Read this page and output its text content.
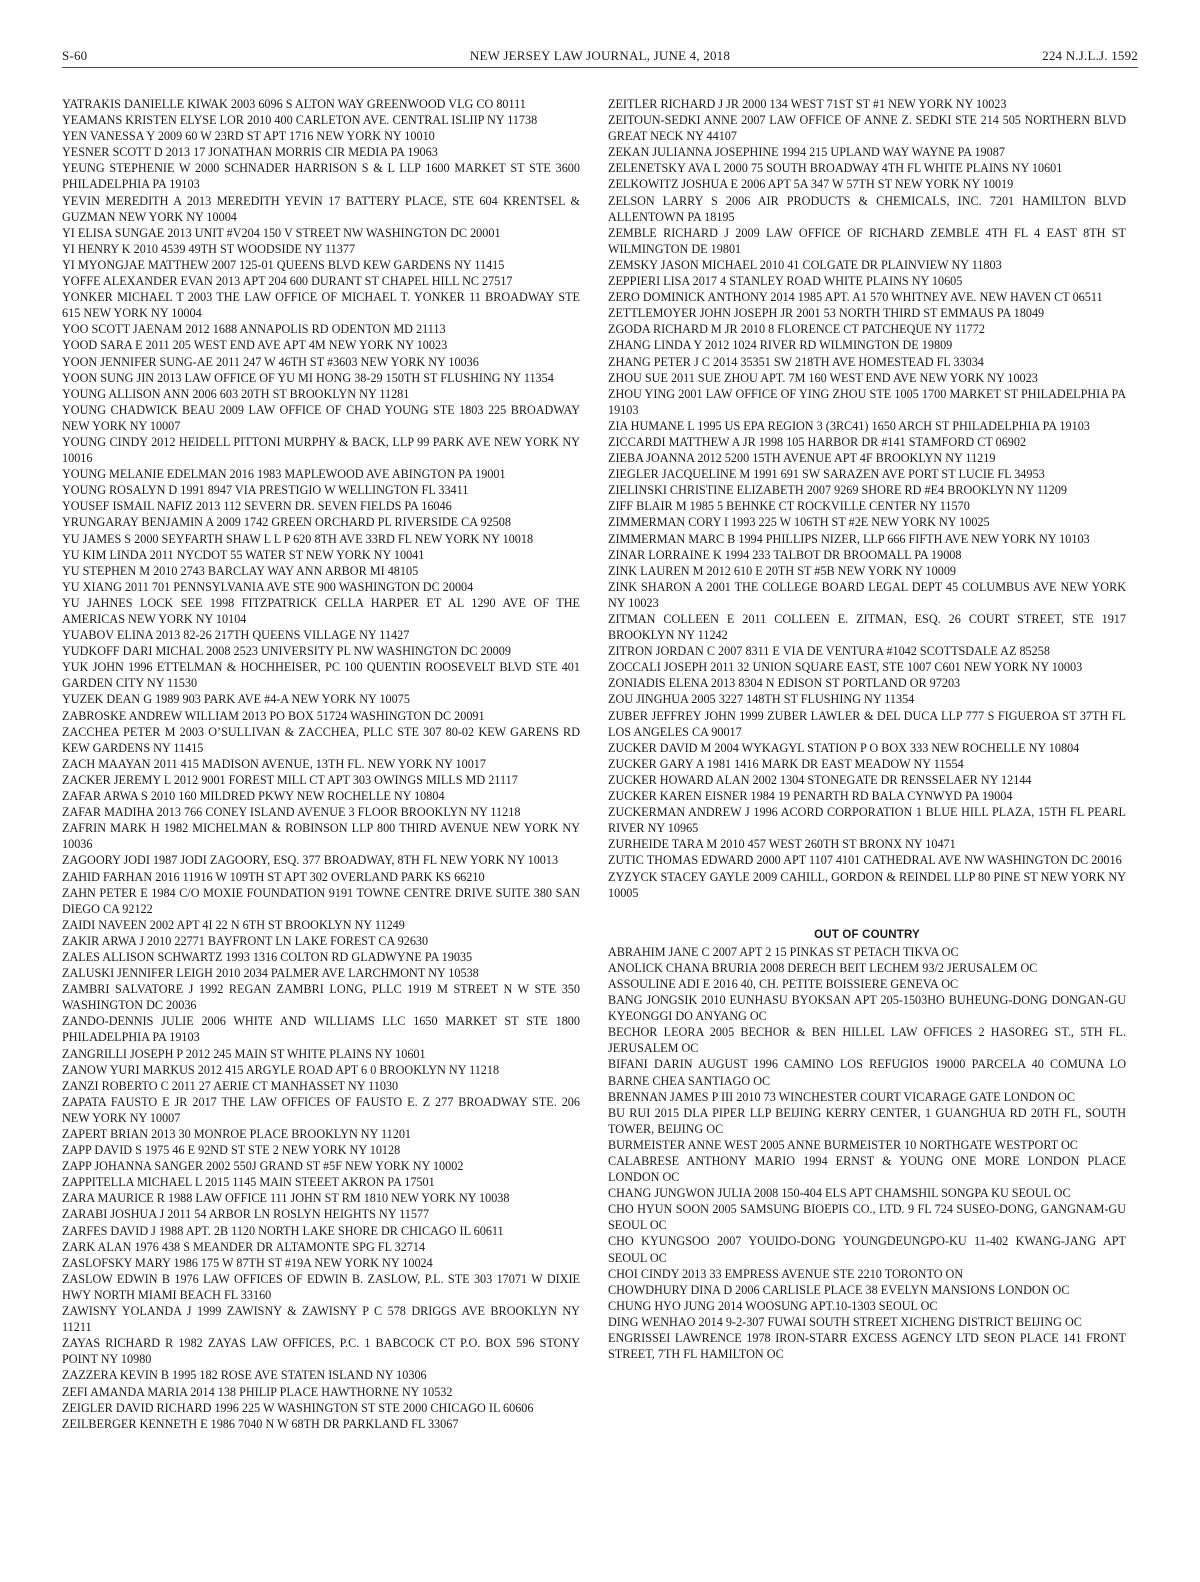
S-60	NEW JERSEY LAW JOURNAL, JUNE 4, 2018	224 N.J.L.J. 1592

YATRAKIS DANIELLE KIWAK 2003 6096 S ALTON WAY GREENWOOD VLG CO 80111

YEAMANS KRISTEN ELYSE LOR 2010 400 CARLETON AVE. CENTRAL ISLIIP NY 11738

YEN VANESSA Y 2009 60 W 23RD ST APT 1716 NEW YORK NY 10010

YESNER SCOTT D 2013 17 JONATHAN MORRIS CIR MEDIA PA 19063

YEUNG STEPHENIE W 2000 SCHNADER HARRISON S & L LLP 1600 MARKET ST STE 3600 PHILADELPHIA PA 19103

YEVIN MEREDITH A 2013 MEREDITH YEVIN 17 BATTERY PLACE, STE 604 KRENTSEL & GUZMAN NEW YORK NY 10004

YI ELISA SUNGAE 2013 UNIT #V204 150 V STREET NW WASHINGTON DC 20001

YI HENRY K 2010 4539 49TH ST WOODSIDE NY 11377

YI MYONGJAE MATTHEW 2007 125-01 QUEENS BLVD KEW GARDENS NY 11415

YOFFE ALEXANDER EVAN 2013 APT 204 600 DURANT ST CHAPEL HILL NC 27517

YONKER MICHAEL T 2003 THE LAW OFFICE OF MICHAEL T. YONKER 11 BROADWAY STE 615 NEW YORK NY 10004

YOO SCOTT JAENAM 2012 1688 ANNAPOLIS RD ODENTON MD 21113

YOOD SARA E 2011 205 WEST END AVE APT 4M NEW YORK NY 10023

YOON JENNIFER SUNG-AE 2011 247 W 46TH ST #3603 NEW YORK NY 10036

YOON SUNG JIN 2013 LAW OFFICE OF YU MI HONG 38-29 150TH ST FLUSHING NY 11354

YOUNG ALLISON ANN 2006 603 20TH ST BROOKLYN NY 11281

YOUNG CHADWICK BEAU 2009 LAW OFFICE OF CHAD YOUNG STE 1803 225 BROADWAY NEW YORK NY 10007

YOUNG CINDY 2012 HEIDELL PITTONI MURPHY & BACK, LLP 99 PARK AVE NEW YORK NY 10016

YOUNG MELANIE EDELMAN 2016 1983 MAPLEWOOD AVE ABINGTON PA 19001

YOUNG ROSALYN D 1991 8947 VIA PRESTIGIO W WELLINGTON FL 33411

YOUSEF ISMAIL NAFIZ 2013 112 SEVERN DR. SEVEN FIELDS PA 16046

YRUNGARAY BENJAMIN A 2009 1742 GREEN ORCHARD PL RIVERSIDE CA 92508

YU JAMES S 2000 SEYFARTH SHAW L L P 620 8TH AVE 33RD FL NEW YORK NY 10018

YU KIM LINDA 2011 NYCDOT 55 WATER ST NEW YORK NY 10041

YU STEPHEN M 2010 2743 BARCLAY WAY ANN ARBOR MI 48105

YU XIANG 2011 701 PENNSYLVANIA AVE STE 900 WASHINGTON DC 20004

YU JAHNES LOCK SEE 1998 FITZPATRICK CELLA HARPER ET AL 1290 AVE OF THE AMERICAS NEW YORK NY 10104

YUABOV ELINA 2013 82-26 217TH QUEENS VILLAGE NY 11427

YUDKOFF DARI MICHAL 2008 2523 UNIVERSITY PL NW WASHINGTON DC 20009

YUK JOHN 1996 ETTELMAN & HOCHHEISER, PC 100 QUENTIN ROOSEVELT BLVD STE 401 GARDEN CITY NY 11530

YUZEK DEAN G 1989 903 PARK AVE #4-A NEW YORK NY 10075

ZABROSKE ANDREW WILLIAM 2013 PO BOX 51724 WASHINGTON DC 20091

ZACCHEA PETER M 2003 O’SULLIVAN & ZACCHEA, PLLC STE 307 80-02 KEW GARENS RD KEW GARDENS NY 11415

ZACH MAAYAN 2011 415 MADISON AVENUE, 13TH FL. NEW YORK NY 10017

ZACKER JEREMY L 2012 9001 FOREST MILL CT APT 303 OWINGS MILLS MD 21117

ZAFAR ARWA S 2010 160 MILDRED PKWY NEW ROCHELLE NY 10804

ZAFAR MADIHA 2013 766 CONEY ISLAND AVENUE 3 FLOOR BROOKLYN NY 11218

ZAFRIN MARK H 1982 MICHELMAN & ROBINSON LLP 800 THIRD AVENUE NEW YORK NY 10036

ZAGOORY JODI 1987 JODI ZAGOORY, ESQ. 377 BROADWAY, 8TH FL NEW YORK NY 10013

ZAHID FARHAN 2016 11916 W 109TH ST APT 302 OVERLAND PARK KS 66210

ZAHN PETER E 1984 C/O MOXIE FOUNDATION 9191 TOWNE CENTRE DRIVE SUITE 380 SAN DIEGO CA 92122

ZAIDI NAVEEN 2002 APT 4I 22 N 6TH ST BROOKLYN NY 11249

ZAKIR ARWA J 2010 22771 BAYFRONT LN LAKE FOREST CA 92630

ZALES ALLISON SCHWARTZ 1993 1316 COLTON RD GLADWYNE PA 19035

ZALUSKI JENNIFER LEIGH 2010 2034 PALMER AVE LARCHMONT NY 10538

ZAMBRI SALVATORE J 1992 REGAN ZAMBRI LONG, PLLC 1919 M STREET N W STE 350 WASHINGTON DC 20036

ZANDO-DENNIS JULIE 2006 WHITE AND WILLIAMS LLC 1650 MARKET ST STE 1800 PHILADELPHIA PA 19103

ZANGRILLI JOSEPH P 2012 245 MAIN ST WHITE PLAINS NY 10601

ZANOW YURI MARKUS 2012 415 ARGYLE ROAD APT 6 0 BROOKLYN NY 11218

ZANZI ROBERTO C 2011 27 AERIE CT MANHASSET NY 11030

ZAPATA FAUSTO E JR 2017 THE LAW OFFICES OF FAUSTO E. Z 277 BROADWAY STE. 206 NEW YORK NY 10007

ZAPERT BRIAN 2013 30 MONROE PLACE BROOKLYN NY 11201

ZAPP DAVID S 1975 46 E 92ND ST STE 2 NEW YORK NY 10128

ZAPP JOHANNA SANGER 2002 550J GRAND ST #5F NEW YORK NY 10002

ZAPPITELLA MICHAEL L 2015 1145 MAIN STEEET AKRON PA 17501

ZARA MAURICE R 1988 LAW OFFICE 111 JOHN ST RM 1810 NEW YORK NY 10038

ZARABI JOSHUA J 2011 54 ARBOR LN ROSLYN HEIGHTS NY 11577

ZARFES DAVID J 1988 APT. 2B 1120 NORTH LAKE SHORE DR CHICAGO IL 60611

ZARK ALAN 1976 438 S MEANDER DR ALTAMONTE SPG FL 32714

ZASLOFSKY MARY 1986 175 W 87TH ST #19A NEW YORK NY 10024

ZASLOW EDWIN B 1976 LAW OFFICES OF EDWIN B. ZASLOW, P.L. STE 303 17071 W DIXIE HWY NORTH MIAMI BEACH FL 33160

ZAWISNY YOLANDA J 1999 ZAWISNY & ZAWISNY P C 578 DRIGGS AVE BROOKLYN NY 11211

ZAYAS RICHARD R 1982 ZAYAS LAW OFFICES, P.C. 1 BABCOCK CT P.O. BOX 596 STONY POINT NY 10980

ZAZZERA KEVIN B 1995 182 ROSE AVE STATEN ISLAND NY 10306

ZEFI AMANDA MARIA 2014 138 PHILIP PLACE HAWTHORNE NY 10532

ZEIGLER DAVID RICHARD 1996 225 W WASHINGTON ST STE 2000 CHICAGO IL 60606

ZEILBERGER KENNETH E 1986 7040 N W 68TH DR PARKLAND FL 33067

ZEITLER RICHARD J JR 2000 134 WEST 71ST ST #1 NEW YORK NY 10023

ZEITOUN-SEDKI ANNE 2007 LAW OFFICE OF ANNE Z. SEDKI STE 214 505 NORTHERN BLVD GREAT NECK NY 44107

ZEKAN JULIANNA JOSEPHINE 1994 215 UPLAND WAY WAYNE PA 19087

ZELENETSKY AVA L 2000 75 SOUTH BROADWAY 4TH FL WHITE PLAINS NY 10601

ZELKOWITZ JOSHUA E 2006 APT 5A 347 W 57TH ST NEW YORK NY 10019

ZELSON LARRY S 2006 AIR PRODUCTS & CHEMICALS, INC. 7201 HAMILTON BLVD ALLENTOWN PA 18195

ZEMBLE RICHARD J 2009 LAW OFFICE OF RICHARD ZEMBLE 4TH FL 4 EAST 8TH ST WILMINGTON DE 19801

ZEMSKY JASON MICHAEL 2010 41 COLGATE DR PLAINVIEW NY 11803

ZEPPIERI LISA 2017 4 STANLEY ROAD WHITE PLAINS NY 10605

ZERO DOMINICK ANTHONY 2014 1985 APT. A1 570 WHITNEY AVE. NEW HAVEN CT 06511

ZETTLEMOYER JOHN JOSEPH JR 2001 53 NORTH THIRD ST EMMAUS PA 18049

ZGODA RICHARD M JR 2010 8 FLORENCE CT PATCHEQUE NY 11772

ZHANG LINDA Y 2012 1024 RIVER RD WILMINGTON DE 19809

ZHANG PETER J C 2014 35351 SW 218TH AVE HOMESTEAD FL 33034

ZHOU SUE 2011 SUE ZHOU APT. 7M 160 WEST END AVE NEW YORK NY 10023

ZHOU YING 2001 LAW OFFICE OF YING ZHOU STE 1005 1700 MARKET ST PHILADELPHIA PA 19103

ZIA HUMANE L 1995 US EPA REGION 3 (3RC41) 1650 ARCH ST PHILADELPHIA PA 19103

ZICCARDI MATTHEW A JR 1998 105 HARBOR DR #141 STAMFORD CT 06902

ZIEBA JOANNA 2012 5200 15TH AVENUE APT 4F BROOKLYN NY 11219

ZIEGLER JACQUELINE M 1991 691 SW SARAZEN AVE PORT ST LUCIE FL 34953

ZIELINSKI CHRISTINE ELIZABETH 2007 9269 SHORE RD #E4 BROOKLYN NY 11209

ZIFF BLAIR M 1985 5 BEHNKE CT ROCKVILLE CENTER NY 11570

ZIMMERMAN CORY I 1993 225 W 106TH ST #2E NEW YORK NY 10025

ZIMMERMAN MARC B 1994 PHILLIPS NIZER, LLP 666 FIFTH AVE NEW YORK NY 10103

ZINAR LORRAINE K 1994 233 TALBOT DR BROOMALL PA 19008

ZINK LAUREN M 2012 610 E 20TH ST #5B NEW YORK NY 10009

ZINK SHARON A 2001 THE COLLEGE BOARD LEGAL DEPT 45 COLUMBUS AVE NEW YORK NY 10023

ZITMAN COLLEEN E 2011 COLLEEN E. ZITMAN, ESQ. 26 COURT STREET, STE 1917 BROOKLYN NY 11242

ZITRON JORDAN C 2007 8311 E VIA DE VENTURA #1042 SCOTTSDALE AZ 85258

ZOCCALI JOSEPH 2011 32 UNION SQUARE EAST, STE 1007 C601 NEW YORK NY 10003

ZONIADIS ELENA 2013 8304 N EDISON ST PORTLAND OR 97203

ZOU JINGHUA 2005 3227 148TH ST FLUSHING NY 11354

ZUBER JEFFREY JOHN 1999 ZUBER LAWLER & DEL DUCA LLP 777 S FIGUEROA ST 37TH FL LOS ANGELES CA 90017

ZUCKER DAVID M 2004 WYKAGYL STATION P O BOX 333 NEW ROCHELLE NY 10804

ZUCKER GARY A 1981 1416 MARK DR EAST MEADOW NY 11554

ZUCKER HOWARD ALAN 2002 1304 STONEGATE DR RENSSELAER NY 12144

ZUCKER KAREN EISNER 1984 19 PENARTH RD BALA CYNWYD PA 19004

ZUCKERMAN ANDREW J 1996 ACORD CORPORATION 1 BLUE HILL PLAZA, 15TH FL PEARL RIVER NY 10965

ZURHEIDE TARA M 2010 457 WEST 260TH ST BRONX NY 10471

ZUTIC THOMAS EDWARD 2000 APT 1107 4101 CATHEDRAL AVE NW WASHINGTON DC 20016

ZYZYCK STACEY GAYLE 2009 CAHILL, GORDON & REINDEL LLP 80 PINE ST NEW YORK NY 10005

OUT OF COUNTRY

ABRAHIM JANE C 2007 APT 2 15 PINKAS ST PETACH TIKVA OC

ANOLICK CHANA BRURIA 2008 DERECH BEIT LECHEM 93/2 JERUSALEM OC

ASSOULINE ADI E 2016 40, CH. PETITE BOISSIERE GENEVA OC

BANG JONGSIK 2010 EUNHASU BYOKSAN APT 205-1503HO BUHEUNG-DONG DONGAN-GU KYEONGGI DO ANYANG OC

BECHOR LEORA 2005 BECHOR & BEN HILLEL LAW OFFICES 2 HASOREG ST., 5TH FL. JERUSALEM OC

BIFANI DARIN AUGUST 1996 CAMINO LOS REFUGIOS 19000 PARCELA 40 COMUNA LO BARNE CHEA SANTIAGO OC

BRENNAN JAMES P III 2010 73 WINCHESTER COURT VICARAGE GATE LONDON OC

BU RUI 2015 DLA PIPER LLP BEIJING KERRY CENTER, 1 GUANGHUA RD 20TH FL, SOUTH TOWER, BEIJING OC

BURMEISTER ANNE WEST 2005 ANNE BURMEISTER 10 NORTHGATE WESTPORT OC

CALABRESE ANTHONY MARIO 1994 ERNST & YOUNG ONE MORE LONDON PLACE LONDON OC

CHANG JUNGWON JULIA 2008 150-404 ELS APT CHAMSHIL SONGPA KU SEOUL OC

CHO HYUN SOON 2005 SAMSUNG BIOEPIS CO., LTD. 9 FL 724 SUSEO-DONG, GANGNAM-GU SEOUL OC

CHO KYUNGSOO 2007 YOUIDO-DONG YOUNGDEUNGPO-KU 11-402 KWANG-JANG APT SEOUL OC

CHOI CINDY 2013 33 EMPRESS AVENUE STE 2210 TORONTO ON

CHOWDHURY DINA D 2006 CARLISLE PLACE 38 EVELYN MANSIONS LONDON OC

CHUNG HYO JUNG 2014 WOOSUNG APT.10-1303 SEOUL OC

DING WENHAO 2014 9-2-307 FUWAI SOUTH STREET XICHENG DISTRICT BEIJING OC

ENGRISSEI LAWRENCE 1978 IRON-STARR EXCESS AGENCY LTD SEON PLACE 141 FRONT STREET, 7TH FL HAMILTON OC
